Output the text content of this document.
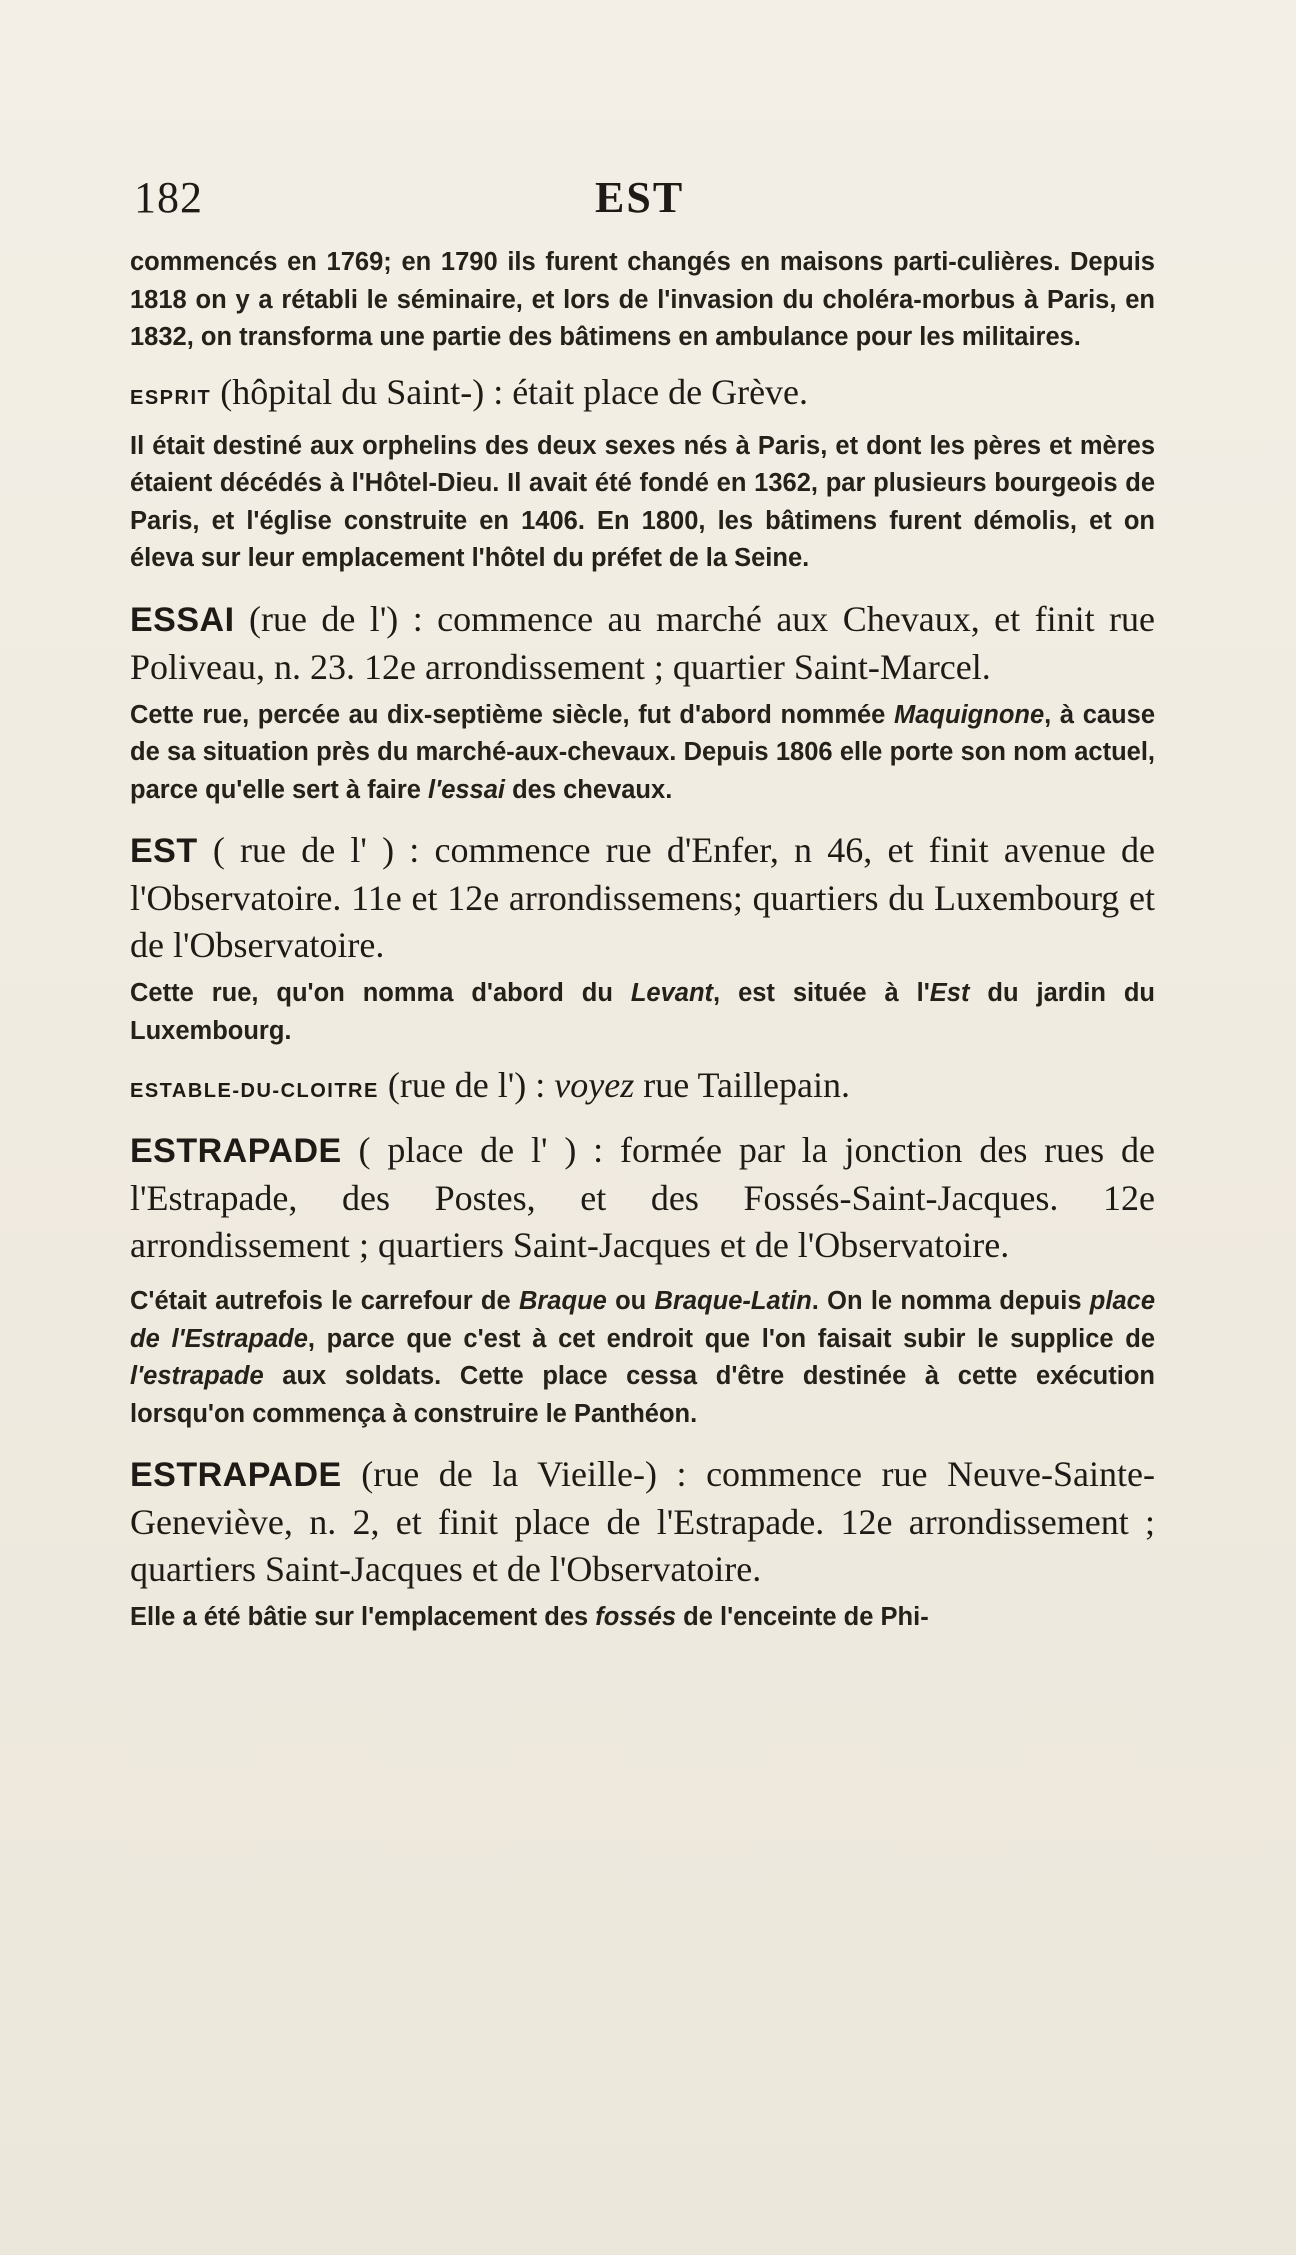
182	EST

commencés en 1769; en 1790 ils furent changés en maisons parti-culières. Depuis 1818 on y a rétabli le séminaire, et lors de l'invasion du choléra-morbus à Paris, en 1832, on transforma une partie des bâtimens en ambulance pour les militaires.

ESPRIT (hôpital du Saint-) : était place de Grève.

Il était destiné aux orphelins des deux sexes nés à Paris, et dont les pères et mères étaient décédés à l'Hôtel-Dieu. Il avait été fondé en 1362, par plusieurs bourgeois de Paris, et l'église construite en 1406. En 1800, les bâtimens furent démolis, et on éleva sur leur emplacement l'hôtel du préfet de la Seine.

ESSAI (rue de l') : commence au marché aux Chevaux, et finit rue Poliveau, n. 23. 12e arrondissement ; quartier Saint-Marcel.

Cette rue, percée au dix-septième siècle, fut d'abord nommée Maquignone, à cause de sa situation près du marché-aux-chevaux. Depuis 1806 elle porte son nom actuel, parce qu'elle sert à faire l'essai des chevaux.

EST ( rue de l' ) : commence rue d'Enfer, n 46, et finit avenue de l'Observatoire. 11e et 12e arrondissemens; quartiers du Luxembourg et de l'Observatoire.

Cette rue, qu'on nomma d'abord du Levant, est située à l'Est du jardin du Luxembourg.

ESTABLE-DU-CLOITRE (rue de l') : voyez rue Taillepain.

ESTRAPADE ( place de l' ) : formée par la jonction des rues de l'Estrapade, des Postes, et des Fossés-Saint-Jacques. 12e arrondissement ; quartiers Saint-Jacques et de l'Observatoire.

C'était autrefois le carrefour de Braque ou Braque-Latin. On le nomma depuis place de l'Estrapade, parce que c'est à cet endroit que l'on faisait subir le supplice de l'estrapade aux soldats. Cette place cessa d'être destinée à cette exécution lorsqu'on commença à construire le Panthéon.

ESTRAPADE (rue de la Vieille-) : commence rue Neuve-Sainte-Geneviève, n. 2, et finit place de l'Estrapade. 12e arrondissement ; quartiers Saint-Jacques et de l'Observatoire.

Elle a été bâtie sur l'emplacement des fossés de l'enceinte de Phi-
